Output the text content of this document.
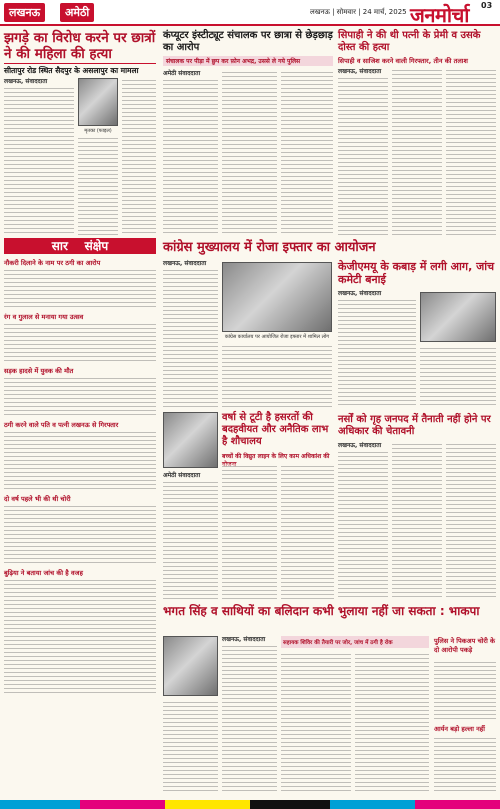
लखनऊ	अमेठी	लखनऊ | सोमवार | 24 मार्च, 2025 जनमोर्चा 03
झगड़े का विरोध करने पर छात्रों ने की महिला की हत्या
सीतापुर रोड स्थित सैदपुर के असलापुर का मामला
लखनऊ, संवाददाता
मृतका (फाइल)
कंप्यूटर इंस्टीट्यूट संचालक पर छात्रा से छेड़छाड़ का आरोप
संचालक पर पीड़ा में छुप कर फ़ोन अभद्र, उससे ले गये पुलिस
अमेठी संवाददाता
सिपाही ने की थी पत्नी के प्रेमी व उसके दोस्त की हत्या
सिपाही व साजिश करने वाली गिरफ्तार, तीन की तलाश
लखनऊ, संवाददाता
सार संक्षेप
नौकरी दिलाने के नाम पर ठगी का आरोप
रंग व गुलाल से मनाया गया उत्सव
सड़क हादसे में युवक की मौत
कांग्रेस मुख्यालय में रोजा इफ्तार का आयोजन
लखनऊ, संवाददाता
कांग्रेस कार्यालय पर आयोजित रोजा इफ्तार में शामिल लोग
केजीएमयू के कबाड़ में लगी आग, जांच कमेटी बनाई
लखनऊ, संवाददाता
ठगी करने वाले पति व पत्नी लखनऊ से गिरफ्तार
दो वर्ष पहले भी की थी चोरी
बुढ़िया ने बताया जांच की है वजह
वर्षा से टूटी है हसरतों की बदहवीयत और अनैतिक लाभ है शौचालय
बच्चों की विद्युत लाइन के लिए काम अधिकांश की योजना
अमेठी संवाददाता
नर्सों को गृह जनपद में तैनाती नहीं होने पर अधिकार की चेतावनी
लखनऊ, संवाददाता
भगत सिंह व साथियों का बलिदान कभी भुलाया नहीं जा सकता : भाकपा
लखनऊ, संवाददाता	सहायक शिविर की तैयारी पर जोर, जांच में ठगी है रोक	पुलिस ने पिकअप चोरी के दो आरोपी पकड़े
आर्यन बड़ो हल्ला नहीं
